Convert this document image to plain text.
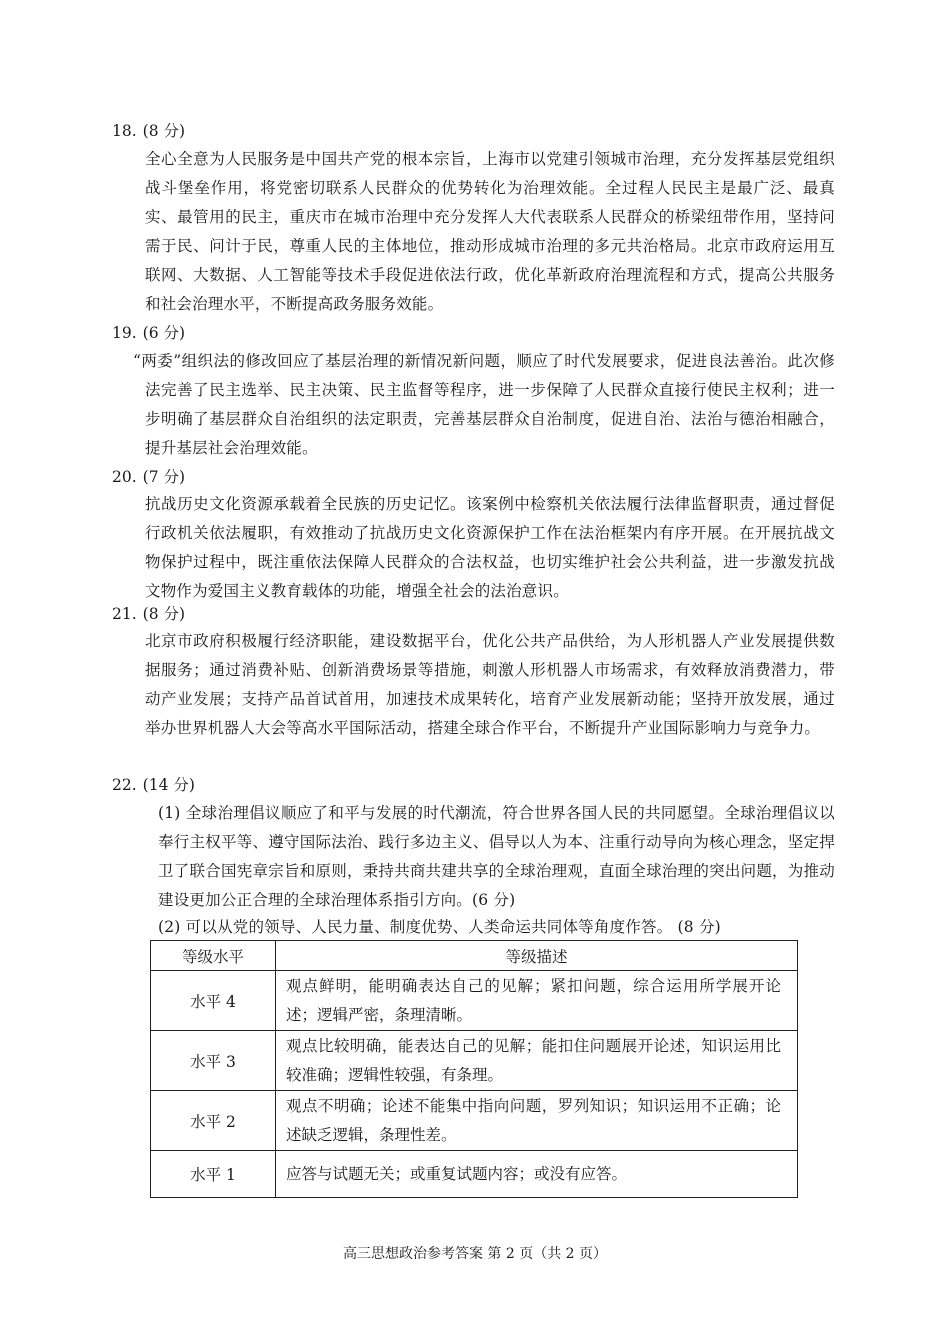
18. (8 分)
全心全意为人民服务是中国共产党的根本宗旨，上海市以党建引领城市治理，充分发挥基层党组织战斗堡垒作用，将党密切联系人民群众的优势转化为治理效能。全过程人民民主是最广泛、最真实、最管用的民主，重庆市在城市治理中充分发挥人大代表联系人民群众的桥梁纽带作用，坚持问需于民、问计于民，尊重人民的主体地位，推动形成城市治理的多元共治格局。北京市政府运用互联网、大数据、人工智能等技术手段促进依法行政，优化革新政府治理流程和方式，提高公共服务和社会治理水平，不断提高政务服务效能。
19. (6 分)
“两委”组织法的修改回应了基层治理的新情况新问题，顺应了时代发展要求，促进良法善治。此次修法完善了民主选举、民主决策、民主监督等程序，进一步保障了人民群众直接行使民主权利；进一步明确了基层群众自治组织的法定职责，完善基层群众自治制度，促进自治、法治与德治相融合，提升基层社会治理效能。
20. (7 分)
抗战历史文化资源承载着全民族的历史记忆。该案例中检察机关依法履行法律监督职责，通过督促行政机关依法履职，有效推动了抗战历史文化资源保护工作在法治框架内有序开展。在开展抗战文物保护过程中，既注重依法保障人民群众的合法权益，也切实维护社会公共利益，进一步激发抗战文物作为爱国主义教育载体的功能，增强全社会的法治意识。
21. (8 分)
北京市政府积极履行经济职能，建设数据平台，优化公共产品供给，为人形机器人产业发展提供数据服务；通过消费补贴、创新消费场景等措施，刺激人形机器人市场需求，有效释放消费潜力，带动产业发展；支持产品首试首用，加速技术成果转化，培育产业发展新动能；坚持开放发展，通过举办世界机器人大会等高水平国际活动，搭建全球合作平台，不断提升产业国际影响力与竞争力。
22. (14 分)
(1) 全球治理倡议顺应了和平与发展的时代潮流，符合世界各国人民的共同愿望。全球治理倡议以奉行主权平等、遵守国际法治、践行多边主义、倡导以人为本、注重行动导向为核心理念，坚定捍卫了联合国宪章宗旨和原则，秉持共商共建共享的全球治理观，直面全球治理的突出问题，为推动建设更加公正合理的全球治理体系指引方向。(6 分)
(2) 可以从党的领导、人民力量、制度优势、人类命运共同体等角度作答。 (8 分)
等级水平	等级描述
水平 4	观点鲜明，能明确表达自己的见解；紧扣问题，综合运用所学展开论述；逻辑严密，条理清晰。
水平 3	观点比较明确，能表达自己的见解；能扣住问题展开论述，知识运用比较准确；逻辑性较强，有条理。
水平 2	观点不明确；论述不能集中指向问题，罗列知识；知识运用不正确；论述缺乏逻辑，条理性差。
水平 1	应答与试题无关；或重复试题内容；或没有应答。
高三思想政治参考答案 第 2 页（共 2 页）
